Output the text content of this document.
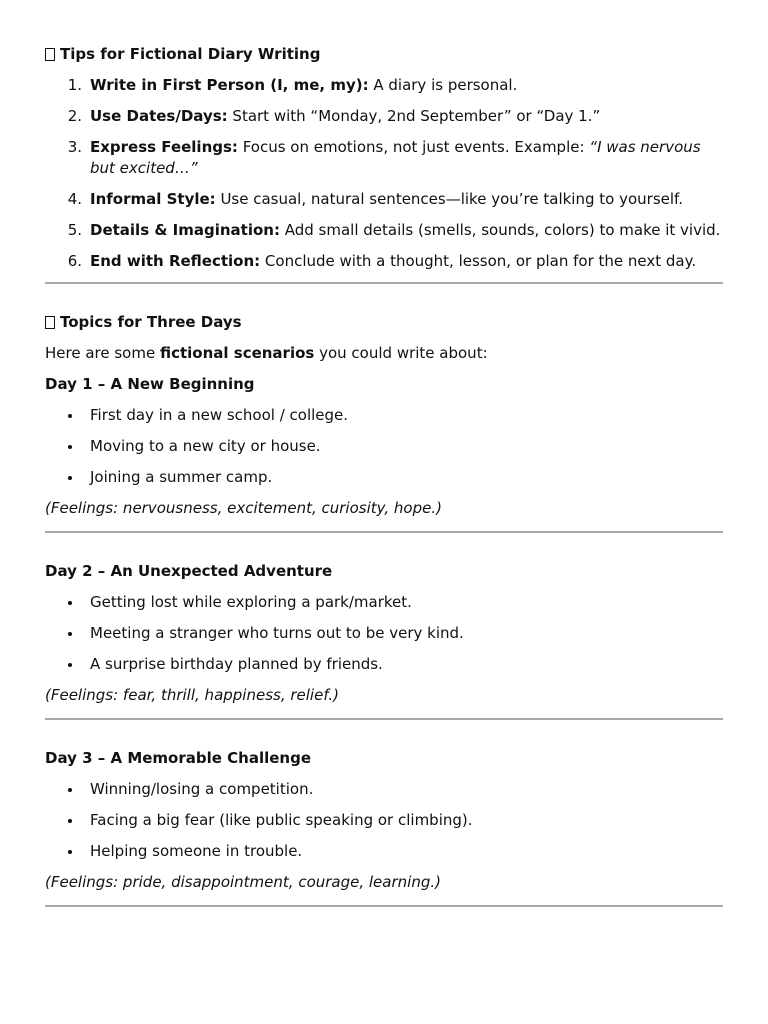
Tips for Fictional Diary Writing
1. Write in First Person (I, me, my): A diary is personal.
2. Use Dates/Days: Start with “Monday, 2nd September” or “Day 1.”
3. Express Feelings: Focus on emotions, not just events. Example: “I was nervous but excited…”
4. Informal Style: Use casual, natural sentences—like you’re talking to yourself.
5. Details & Imagination: Add small details (smells, sounds, colors) to make it vivid.
6. End with Reflection: Conclude with a thought, lesson, or plan for the next day.
Topics for Three Days

Here are some fictional scenarios you could write about:

Day 1 – A New Beginning
First day in a new school / college.
Moving to a new city or house.
Joining a summer camp.

(Feelings: nervousness, excitement, curiosity, hope.)

Day 2 – An Unexpected Adventure
Getting lost while exploring a park/market.
Meeting a stranger who turns out to be very kind.
A surprise birthday planned by friends.

(Feelings: fear, thrill, happiness, relief.)

Day 3 – A Memorable Challenge
Winning/losing a competition.
Facing a big fear (like public speaking or climbing).
Helping someone in trouble.

(Feelings: pride, disappointment, courage, learning.)
